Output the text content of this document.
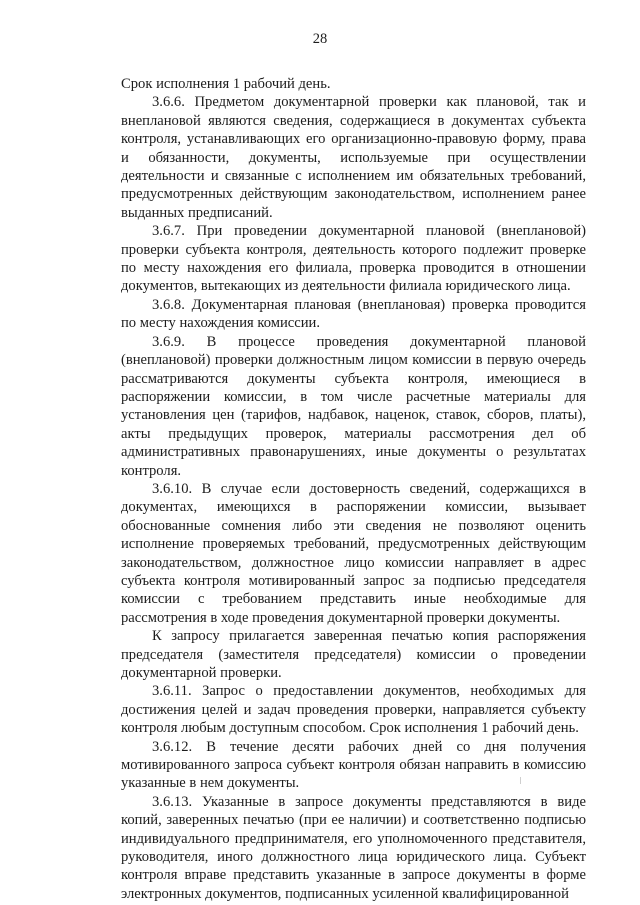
28

Срок исполнения 1 рабочий день.

3.6.6. Предметом документарной проверки как плановой, так и внеплановой являются сведения, содержащиеся в документах субъекта контроля, устанавливающих его организационно-правовую форму, права и обязанности, документы, используемые при осуществлении деятельности и связанные с исполнением им обязательных требований, предусмотренных действующим законодательством, исполнением ранее выданных предписаний.

3.6.7. При проведении документарной плановой (внеплановой) проверки субъекта контроля, деятельность которого подлежит проверке по месту нахождения его филиала, проверка проводится в отношении документов, вытекающих из деятельности филиала юридического лица.

3.6.8. Документарная плановая (внеплановая) проверка проводится по месту нахождения комиссии.

3.6.9. В процессе проведения документарной плановой (внеплановой) проверки должностным лицом комиссии в первую очередь рассматриваются документы субъекта контроля, имеющиеся в распоряжении комиссии, в том числе расчетные материалы для установления цен (тарифов, надбавок, наценок, ставок, сборов, платы), акты предыдущих проверок, материалы рассмотрения дел об административных правонарушениях, иные документы о результатах контроля.

3.6.10. В случае если достоверность сведений, содержащихся в документах, имеющихся в распоряжении комиссии, вызывает обоснованные сомнения либо эти сведения не позволяют оценить исполнение проверяемых требований, предусмотренных действующим законодательством, должностное лицо комиссии направляет в адрес субъекта контроля мотивированный запрос за подписью председателя комиссии с требованием представить иные необходимые для рассмотрения в ходе проведения документарной проверки документы.

К запросу прилагается заверенная печатью копия распоряжения председателя (заместителя председателя) комиссии о проведении документарной проверки.

3.6.11. Запрос о предоставлении документов, необходимых для достижения целей и задач проведения проверки, направляется субъекту контроля любым доступным способом. Срок исполнения 1 рабочий день.

3.6.12. В течение десяти рабочих дней со дня получения мотивированного запроса субъект контроля обязан направить в комиссию указанные в нем документы.

3.6.13. Указанные в запросе документы представляются в виде копий, заверенных печатью (при ее наличии) и соответственно подписью индивидуального предпринимателя, его уполномоченного представителя, руководителя, иного должностного лица юридического лица. Субъект контроля вправе представить указанные в запросе документы в форме электронных документов, подписанных усиленной квалифицированной
